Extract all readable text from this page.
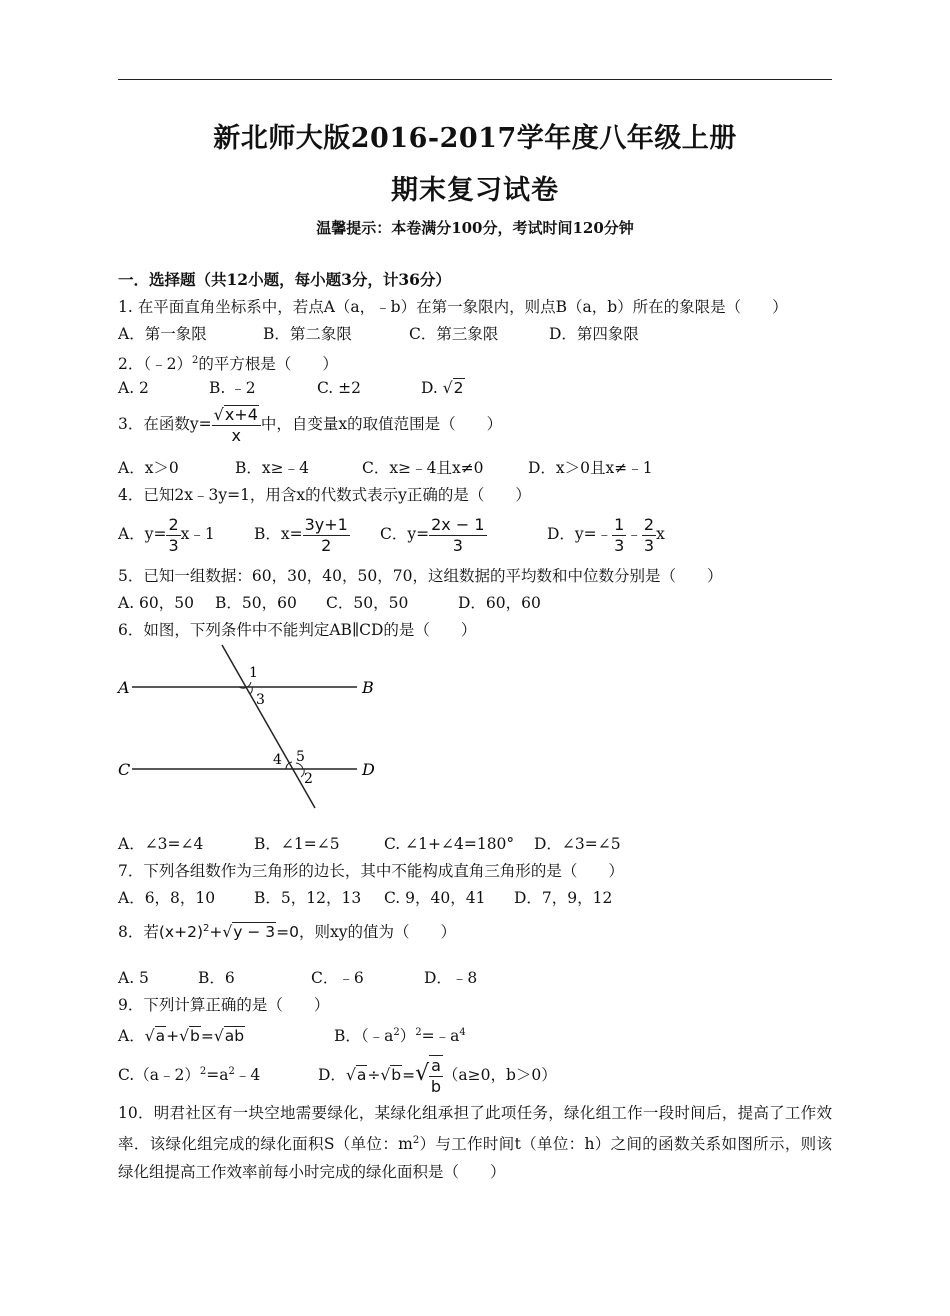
新北师大版2016-2017学年度八年级上册
期末复习试卷
温馨提示：本卷满分100分，考试时间120分钟
一．选择题（共12小题，每小题3分，计36分）
1. 在平面直角坐标系中，若点A（a，﹣b）在第一象限内，则点B（a，b）所在的象限是（　　）
A．第一象限	B．第二象限	C．第三象限	D．第四象限
2．（﹣2）$^2$的平方根是（　　）
A. 2	B. ﹣2	C. ±2	D. √2
3．在函数$y= \frac{√x+4}{x}$ 中，自变量x的取值范围是（　　）
A．x＞0	B．x≥﹣4	C．x≥﹣4且x≠0	D．x＞0且x≠﹣1
4．已知2x﹣3y=1，用含x的代数式表示y正确的是（　　）
A．$y= \frac{2}{3}$ x﹣1	B．$x= \frac{3y+1}{2}$ C．$y= \frac{2x - 1}{3}$	D．y=﹣ $\frac{1}{3}$ ﹣ $\frac{2}{3}$ x
5．已知一组数据：60，30，40，50，70，这组数据的平均数和中位数分别是（　　）
A. 60，50 B．50，60 C．50，50	D．60，60
6．如图，下列条件中不能判定AB∥CD的是（　　）
A	B
C	D
1
3
4 5
2
A．∠3=∠4	B．∠1=∠5	C. ∠1+∠4=180° D．∠3=∠5
7．下列各组数作为三角形的边长，其中不能构成直角三角形的是（　　）
A．6，8，10	B．5，12，13 C. 9，40，41 D．7，9，12
8．若$(x+2)^2+√y - 3=0$，则xy的值为（　　）
A. 5	B．6	C．﹣6	D．﹣8
9．下列计算正确的是（　　）
A．√a+√b=√ab	B．$(﹣a^2)^2=﹣a^4$
$C.(a﹣2)^2=a^2﹣4$	D．$√a\div√b=√ \frac{a}{b} (a\ge 0$，b＞0）
10．明君社区有一块空地需要绿化，某绿化组承担了此项任务，绿化组工作一段时间后，提高了工作效率．该绿化组完成的绿化面积S（单位：$m^2$）与工作时间t（单位：h）之间的函数关系如图所示，则该绿化组提高工作效率前每小时完成的绿化面积是（　　）
